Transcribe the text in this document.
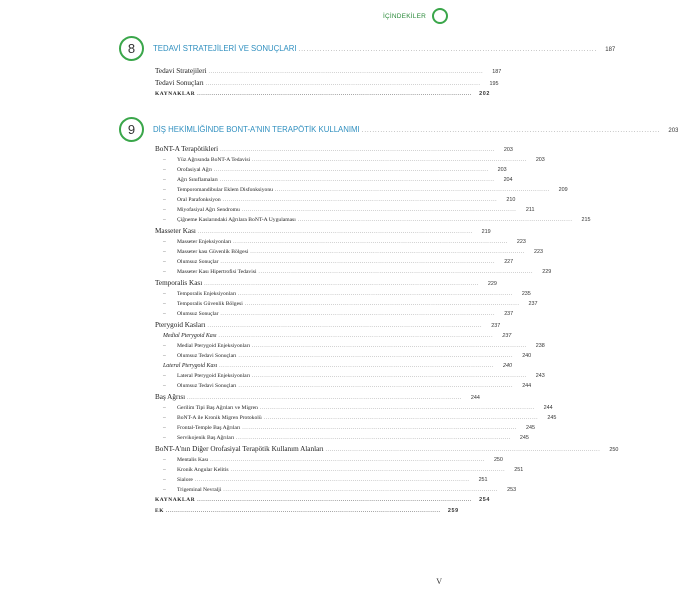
İÇİNDEKİLER
8	TEDAVİ STRATEJİLERİ VE SONUÇLARI .....	187
Tedavi Stratejileri .....	187
Tedavi Sonuçları .....	195
KAYNAKLAR .....	202
9	DİŞ HEKİMLİĞİNDE BONT-A'NIN TERAPÖTİK KULLANIMI .....	203
BoNT-A Terapötikleri .....	203
–	Yüz Ağrısında BoNT-A Tedavisi .....	203
–	Orofasiyal Ağrı .....	203
–	Ağrı Sınıflamaları .....	204
–	Temporomandibular Eklem Disfonksiyonu .....	209
–	Oral Parafonksiyon .....	210
–	Miyofasiyal Ağrı Sendromu .....	211
–	Çiğneme Kaslarındaki Ağrılara BoNT-A Uygulaması .....	215
Masseter Kası .....	219
–	Masseter Enjeksiyonları .....	223
–	Masseter kası Güvenlik Bölgesi .....	223
–	Olumsuz Sonuçlar .....	227
–	Masseter Kası Hipertrofisi Tedavisi .....	229
Temporalis Kası .....	229
–	Temporalis Enjeksiyonları .....	235
–	Temporalis Güvenlik Bölgesi .....	237
–	Olumsuz Sonuçlar .....	237
Pterygoid Kasları .....	237
Medial Pterygoid Kası .....	237
–	Medial Pterygoid Enjeksiyonları .....	238
–	Olumsuz Tedavi Sonuçları .....	240
Lateral Pterygoid Kası .....	240
–	Lateral Pterygoid Enjeksiyonları .....	243
–	Olumsuz Tedavi Sonuçları .....	244
Baş Ağrısı .....	244
–	Gerilim Tipi Baş Ağrıları ve Migren .....	244
–	BoNT-A ile Kronik Migren Protokolü .....	245
–	Frontal-Temple Baş Ağrıları .....	245
–	Servikojenik Baş Ağrıları .....	245
BoNT-A'nın Diğer Orofasiyal Terapötik Kullanım Alanları .....	250
–	Mentalis Kası .....	250
–	Kronik Angular Kelitis .....	251
–	Sialore .....	251
–	Trigeminal Nevralji .....	253
KAYNAKLAR .....	254
EK .....	259
V
